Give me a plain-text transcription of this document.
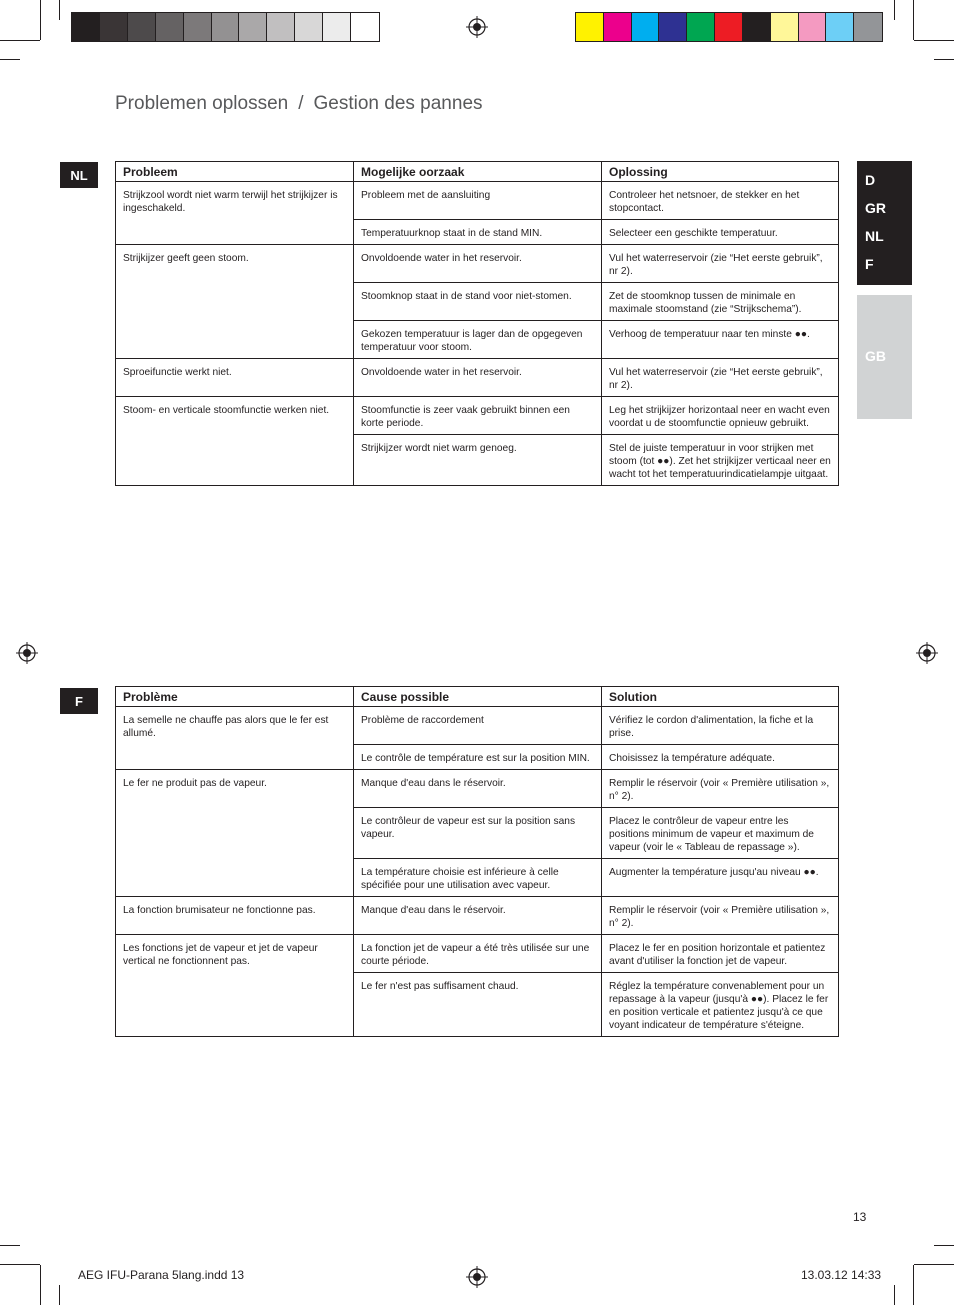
Problemen oplossen / Gestion des pannes
NL
F
D
GR
NL
F
GB
Probleem	Mogelijke oorzaak	Oplossing
Strijkzool wordt niet warm terwijl het strijkijzer is ingeschakeld.	Probleem met de aansluiting	Controleer het netsnoer, de stekker en het stopcontact.
	Temperatuurknop staat in de stand MIN.	Selecteer een geschikte temperatuur.
Strijkijzer geeft geen stoom.	Onvoldoende water in het reservoir.	Vul het waterreservoir (zie “Het eerste gebruik”, nr 2).
	Stoomknop staat in de stand voor niet-stomen.	Zet de stoomknop tussen de minimale en maximale stoomstand (zie “Strijkschema”).
	Gekozen temperatuur is lager dan de opgegeven temperatuur voor stoom.	Verhoog de temperatuur naar ten minste ●●.
Sproeifunctie werkt niet.	Onvoldoende water in het reservoir.	Vul het waterreservoir (zie “Het eerste gebruik”, nr 2).
Stoom- en verticale stoomfunctie werken niet.	Stoomfunctie is zeer vaak gebruikt binnen een korte periode.	Leg het strijkijzer horizontaal neer en wacht even voordat u de stoomfunctie opnieuw gebruikt.
	Strijkijzer wordt niet warm genoeg.	Stel de juiste temperatuur in voor strijken met stoom (tot ●●). Zet het strijkijzer verticaal neer en wacht tot het temperatuurindicatielampje uitgaat.
Problème	Cause possible	Solution
La semelle ne chauffe pas alors que le fer est allumé.	Problème de raccordement	Vérifiez le cordon d'alimentation, la fiche et la prise.
	Le contrôle de température est sur la position MIN.	Choisissez la température adéquate.
Le fer ne produit pas de vapeur.	Manque d'eau dans le réservoir.	Remplir le réservoir (voir « Première utilisation », n° 2).
	Le contrôleur de vapeur est sur la position sans vapeur.	Placez le contrôleur de vapeur entre les positions minimum de vapeur et maximum de vapeur (voir le « Tableau de repassage »).
	La température choisie est inférieure à celle spécifiée pour une utilisation avec vapeur.	Augmenter la température jusqu'au niveau ●●.
La fonction brumisateur ne fonctionne pas.	Manque d'eau dans le réservoir.	Remplir le réservoir (voir « Première utilisation », n° 2).
Les fonctions jet de vapeur et jet de vapeur vertical ne fonctionnent pas.	La fonction jet de vapeur a été très utilisée sur une courte période.	Placez le fer en position horizontale et patientez avant d'utiliser la fonction jet de vapeur.
	Le fer n'est pas suffisament chaud.	Réglez la température convenablement pour un repassage à la vapeur (jusqu'à ●●). Placez le fer en position verticale et patientez jusqu'à ce que voyant indicateur de température s'éteigne.
13
AEG IFU-Parana 5lang.indd 13	13.03.12 14:33
